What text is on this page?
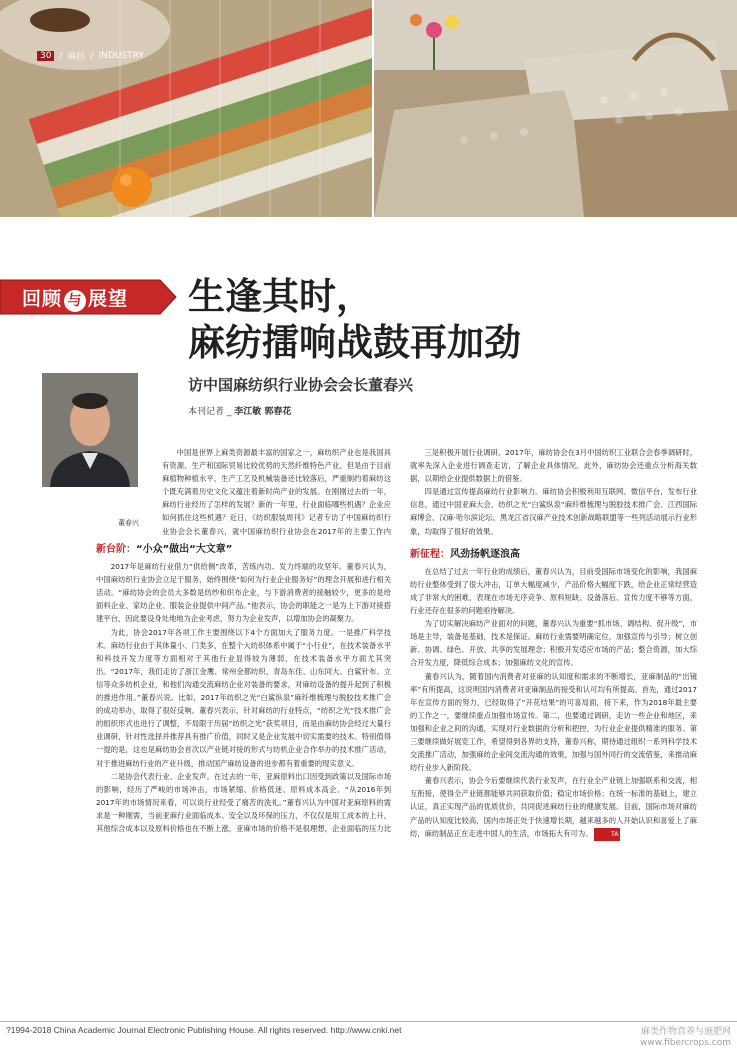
30 / 麻纺 / INDUSTRY
回顾 与 展望 生逢其时，
麻纺擂响战鼓再加劲
访中国麻纺织行业协会会长董春兴
本刊记者 _ 李江敏 郭春花
董春兴

中国是世界上麻类资源最丰富的国家之一，麻纺织产业也是我国具有资源、生产和国际贸易比较优势的天然纤维特色产业。但是由于目前麻植物种植水平、生产工艺及机械装备还比较落后，严重制约着麻纺这个既充满着历史文化又蕴注着新时尚产业的发展。在刚刚过去的一年，麻纺行业经历了怎样的发展？新的一年里，行业面临哪些机遇？企业应如何抓住这些机遇？近日，《纺织服装周刊》记者专访了中国麻纺织行业协会会长董春兴，就中国麻纺织行业协会在2017年的主要工作内

新台阶：“小众”做出“大文章”

2017年是麻纺行业借力“供给侧”改革，苦练内功、发力终端的攻坚年。董春兴认为，中国麻纺织行业协会立足于服务，始终围绕“如何为行业企业服务好”的理念开展和进行相关活动。“麻纺协会的会员大多数是纺纱和织布企业，与下游消费者的接触较少，更多的是给面料企业、家纺企业、服装企业提供中间产品。”他表示，协会的职能之一是为上下游对接搭建平台，因此要设身处地地为企业考虑，努力为企业发声，以增加协会的凝聚力。

为此，协会2017年各项工作主要围绕以下4个方面加大了服务力度。一是推广科学技术。麻纺行业由于其体量小、门类多，在整个大纺织体系中属于“小行业”，在技术装备水平和科技开发力度等方面相对于其他行业显得较为薄弱，在技术装备水平方面尤其突出。“2017年，我们走访了浙江金鹰、常州金都纺织、青岛东佳、山东同大、白鲨针布、立信等众多纺机企业，和他们沟通交流麻纺企业对装备的要求，对麻纺设备的提升起到了积极的推进作用。”董春兴说。比如，2017年纺织之光“白鲨纵泉”麻纤维梳理与脱胶技术推广会的成功举办，取得了很好反响。董春兴表示，针对麻纺的行业特点，“纺织之光”技术推广会的组织形式也进行了调整，不局限于历届“纺织之光”获奖项目，而是由麻纺协会经过大量行业调研，针对性选择并推荐具有推广价值，同时又是企业发展中切实需要的技术。特别值得一提的是，这也是麻纺协会首次以产业链对接的形式与纺机企业合作举办的技术推广活动，对于推进麻纺行业的产业升级，推动国产麻纺设备的进步都有着重要的现实意义。

二是协会代表行业、企业发声。在过去的一年，亚麻原料出口因受到政策以及国际市场的影响，经历了严峻的市场冲击，市场紧缩、价格低迷、原料成本高企。“从2016年到2017年的市场情况来看，可以说行业经受了痛苦的洗礼。”董春兴认为中国对亚麻原料的需求是一种刚需，当前亚麻行业面临成本、安全以及环保的压力，不仅仅是用工成本的上升，其他综合成本以及原料价格也在不断上涨，亚麻市场的价格不是很理想，企业面临的压力比

三是积极开展行业调研。2017年，麻纺协会在3月中国纺织工业联合会春季调研时，就率先深入企业进行调查走访，了解企业具体情况。此外，麻纺协会还重点分析海关数据，以期给企业提供数据上的借鉴。

四是通过宣传提高麻纺行业影响力。麻纺协会积极利用互联网、微信平台，发布行业信息，通过中国亚麻大会、纺织之光“白鲨纵泉”麻纤维梳理与脱胶技术推广会、江西国际麻博会、汉麻·哈尔滨论坛、黑龙江省汉麻产业技术创新战略联盟等一些列活动展示行业形象，均取得了很好的效果。

新征程：风劲扬帆逐浪高

在总结了过去一年行业的成绩后，董春兴认为，目前受国际市场变化的影响，我国麻纺行业整体受到了很大冲击，订单大幅度减少，产品价格大幅度下跌，给企业正常经营造成了非常大的困难，表现在市场无序竞争、原料短缺、设备落后、宣传力度不够等方面，行业还存在很多的问题亟待解决。

为了切实解决麻纺产业面对的问题，董春兴认为重要“抓市场、调结构、促升级”，市场是主导，装备是基础，技术是保证。麻纺行业需要明确定位，加强宣传与引导；树立创新、协调、绿色、开放、共享的发展理念；积极开发适应市场的产品；整合资源，加大综合开发力度，降低综合成本；加强麻纺文化的宣传。

董春兴认为，随着国内消费者对亚麻的认知度和需求的不断增长，亚麻制品的“出镜率”有所提高，这说明国内消费者对亚麻制品的接受和认可均有所提高。首先，通过2017年在宣传方面的努力，已经取得了“开花结果”的可喜局面，接下来，作为2018年最主要的工作之一，要继续重点加强市场宣传。第二，也要通过调研，走访一些企业和地区，来加强和企业之间的沟通，实现对行业数据的分析和把控，为行业企业提供精准的服务。第三要继续做好展览工作，希望得到各界的支持，董春兴称，期待通过组织一系列科学技术交流推广活动，加强麻纺企业间交流沟通的效果，加强与国外同行的交流借鉴，来推动麻纺行业步入新阶段。

董春兴表示，协会今后要继续代表行业发声，在行业全产业链上加强联系和交流，相互衔接，使得全产业链都能够共同获取价值；稳定市场价格；在统一标准的基础上，建立认证，真正实现产品的优质优价，共同促进麻纺行业的健康发展。目前，国际市场对麻纺产品的认知度比较高，国内市场正处于快速增长期，越来越多的人开始认识和喜爱上了麻纺，麻纺制品正在走进中国人的生活，市场拓大有可为。	TA

?1994-2018 China Academic Journal Electronic Publishing House. All rights reserved. http://www.cnki.net	麻类作物营养与施肥网
www.fibercrops.com
